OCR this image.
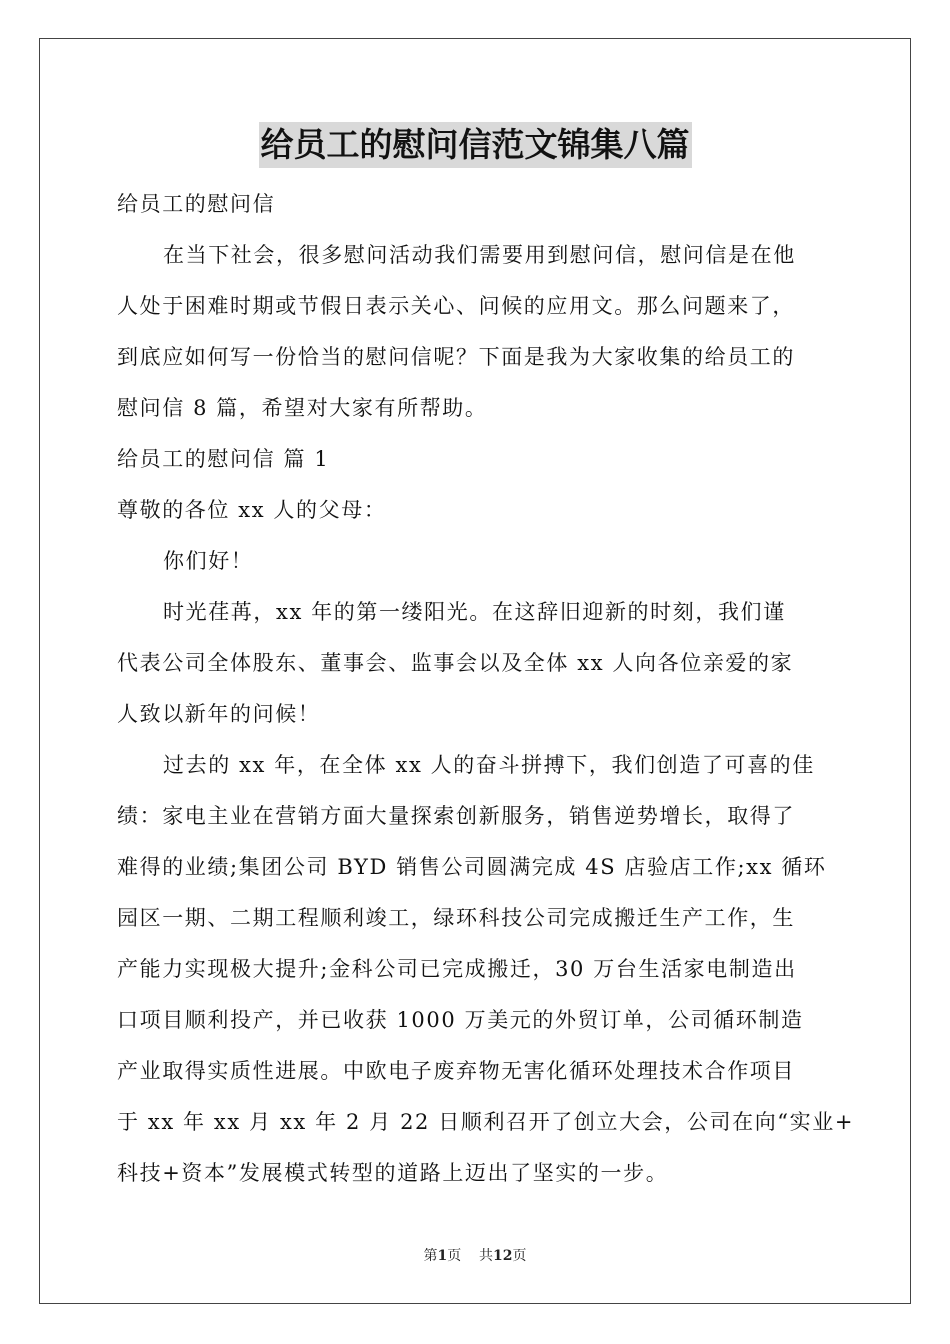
给员工的慰问信范文锦集八篇
给员工的慰问信
在当下社会，很多慰问活动我们需要用到慰问信，慰问信是在他
人处于困难时期或节假日表示关心、问候的应用文。那么问题来了，
到底应如何写一份恰当的慰问信呢？下面是我为大家收集的给员工的
慰问信 8 篇，希望对大家有所帮助。
给员工的慰问信 篇 1
尊敬的各位 xx 人的父母：
你们好！
时光荏苒，xx 年的第一缕阳光。在这辞旧迎新的时刻，我们谨
代表公司全体股东、董事会、监事会以及全体 xx 人向各位亲爱的家
人致以新年的问候！
过去的 xx 年，在全体 xx 人的奋斗拼搏下，我们创造了可喜的佳
绩：家电主业在营销方面大量探索创新服务，销售逆势增长，取得了
难得的业绩;集团公司 BYD 销售公司圆满完成 4S 店验店工作;xx 循环
园区一期、二期工程顺利竣工，绿环科技公司完成搬迁生产工作，生
产能力实现极大提升;金科公司已完成搬迁，30 万台生活家电制造出
口项目顺利投产，并已收获 1000 万美元的外贸订单，公司循环制造
产业取得实质性进展。中欧电子废弃物无害化循环处理技术合作项目
于 xx 年 xx 月 xx 年 2 月 22 日顺利召开了创立大会，公司在向“实业+
科技+资本”发展模式转型的道路上迈出了坚实的一步。
第1页 共12页
